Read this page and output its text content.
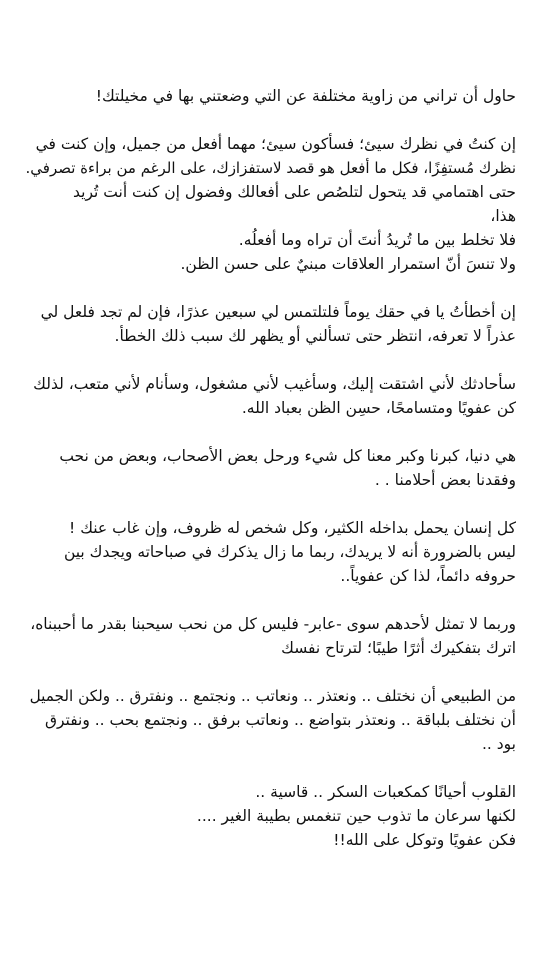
حاول أن تراني من زاوية مختلفة عن التي وضعتني بها في مخيلتك!

إن كنتُ في نظرك سيئ؛ فسأكون سيئ؛ مهما أفعل من جميل، وإن كنت في
نظرك مُستفِزًا، فكل ما أفعل هو قصد لاستفزازك، على الرغم من براءة تصرفي.
حتى اهتمامي قد يتحول لتلصُص على أفعالك وفضول إن كنت أنت تُريد
هذا،
فلا تخلط بين ما تُريدُ أنتَ أن تراه وما أفعلُه.
ولا تنسَ أنّ استمرار العلاقات مبنيٌ على حسن الظن.

إن أخطأتُ يا في حقك يوماً فلتلتمس لي سبعين عذرًا، فإن لم تجد فلعل لي
عذراً لا تعرفه، انتظر حتى تسألني أو يظهر لك سبب ذلك الخطأ.

سأحادثك لأني اشتقت إليك، وسأغيب لأني مشغول، وسأنام لأني متعب، لذلك
كن عفويًا ومتسامحًا، حسِن الظن بعباد الله.

هي دنيا، كبرنا وكبر معنا كل شيء ورحل بعض الأصحاب، وبعض من نحب
وفقدنا بعض أحلامنا . .

كل إنسان يحمل بداخله الكثير، وكل شخص له ظروف، وإن غاب عنك !
ليس بالضرورة أنه لا يريدك، ربما ما زال يذكرك في صباحاته ويجدك بين
حروفه دائماً، لذا كن عفوياً..

وربما لا تمثل لأحدهم سوى -عابر- فليس كل من نحب سيحبنا بقدر ما أحببناه،
اترك بتفكيرك أثرًا طيبًا؛ لترتاح نفسك

من الطبيعي أن نختلف .. ونعتذر .. ونعاتب .. ونجتمع .. ونفترق .. ولكن الجميل
أن نختلف بلباقة .. ونعتذر بتواضع .. ونعاتب برفق .. ونجتمع بحب .. ونفترق
بود ..

القلوب أحيانًا كمكعبات السكر .. قاسية ..
لكنها سرعان ما تذوب حين تنغمس بطيبة الغير ....
فكن عفويًا وتوكل على الله!!
